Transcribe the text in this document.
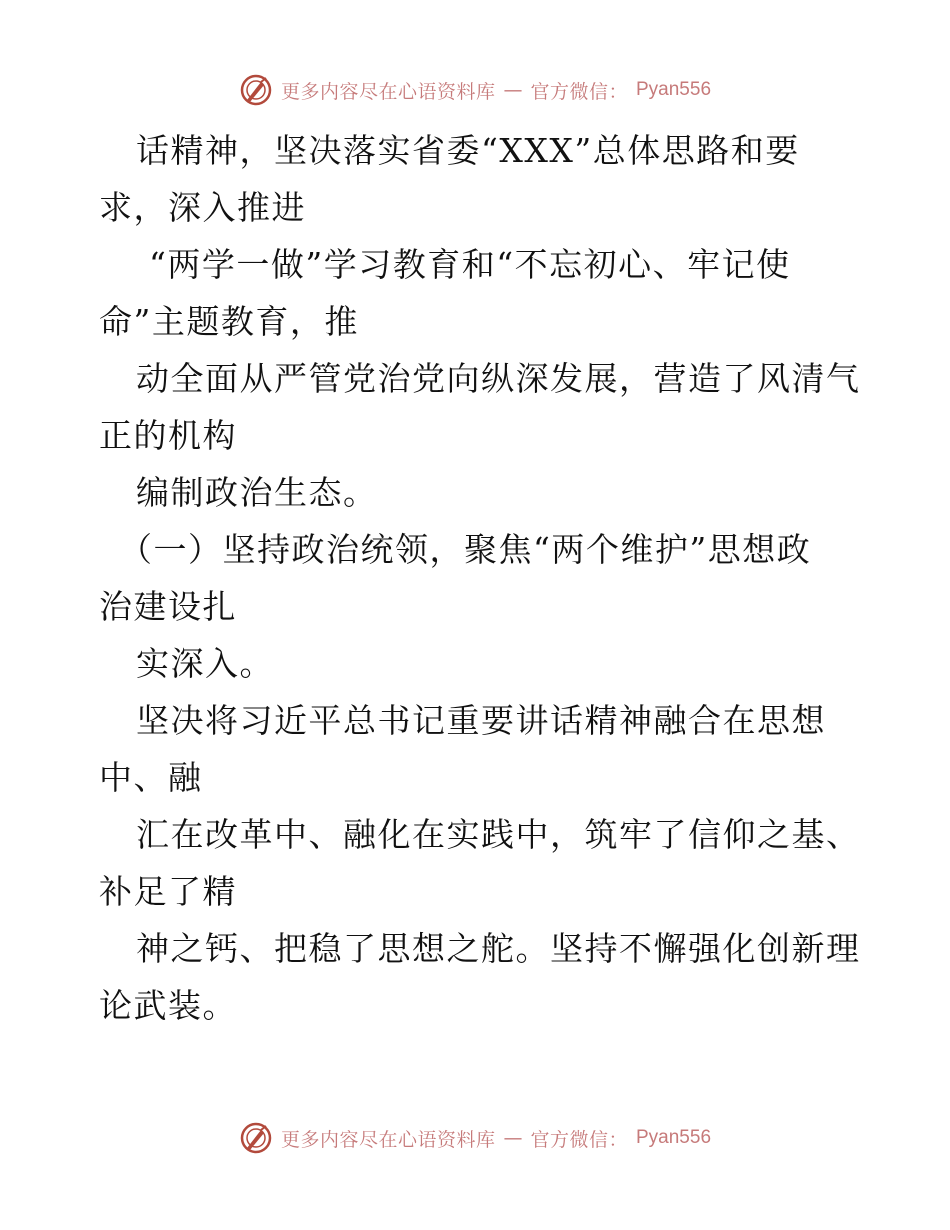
更多内容尽在心语资料库 — 官方微信： Pyan556
话精神，坚决落实省委“XXX”总体思路和要
求，深入推进
“两学一做”学习教育和“不忘初心、牢记使
命”主题教育，推
动全面从严管党治党向纵深发展，营造了风清气
正的机构
编制政治生态。
（一）坚持政治统领，聚焦“两个维护”思想政
治建设扎
实深入。
坚决将习近平总书记重要讲话精神融合在思想
中、融
汇在改革中、融化在实践中，筑牢了信仰之基、
补足了精
神之钙、把稳了思想之舵。坚持不懈强化创新理
论武装。
更多内容尽在心语资料库 — 官方微信： Pyan556
